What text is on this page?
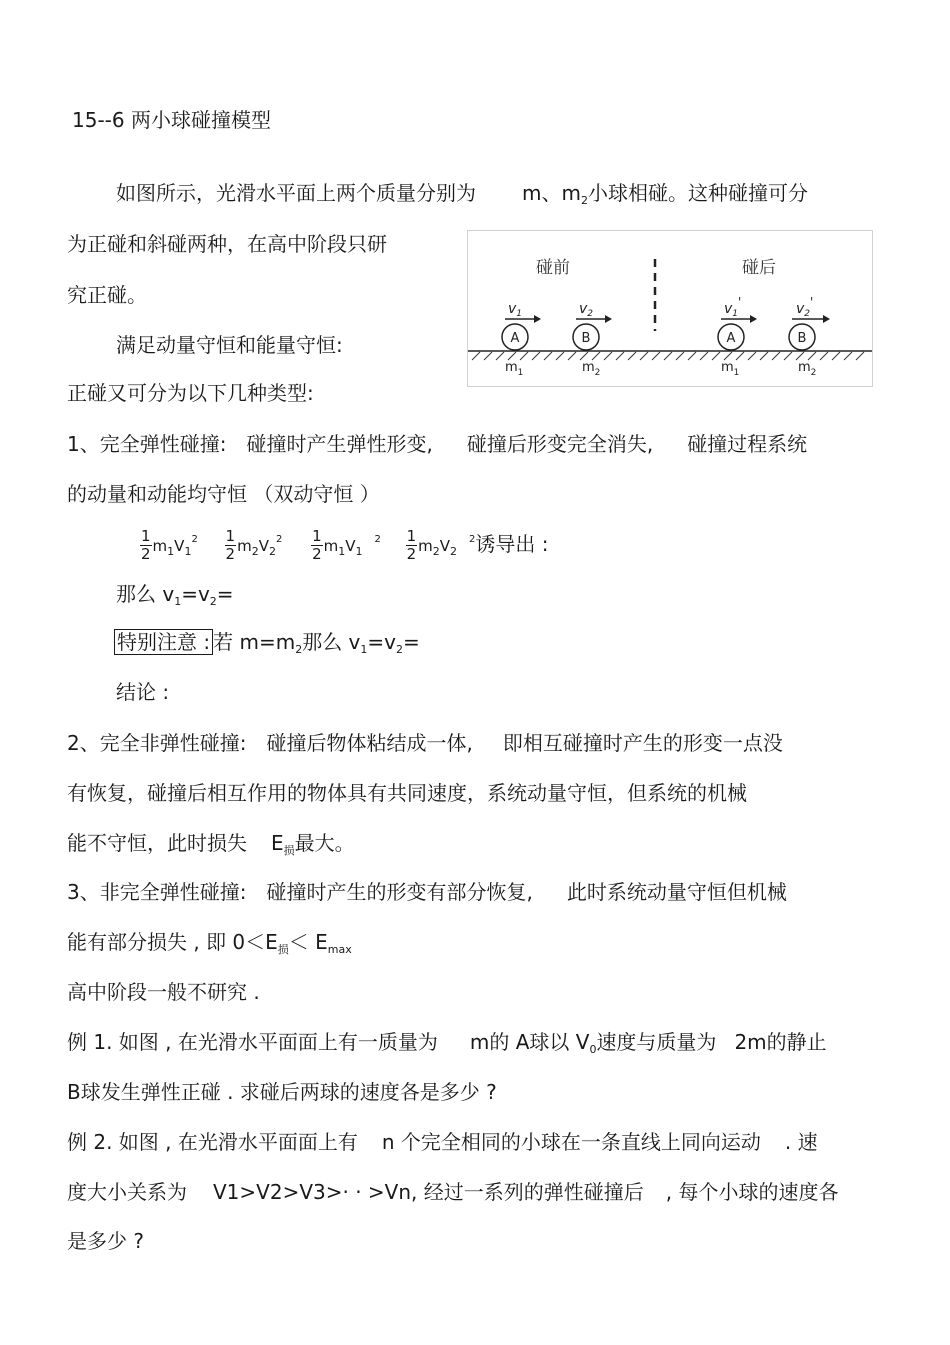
15--6 两小球碰撞模型
如图所示，光滑水平面上两个质量分别为 m、$m_2$小球相碰。这种碰撞可分
为正碰和斜碰两种，在高中阶段只研
究正碰。
满足动量守恒和能量守恒:
正碰又可分为以下几种类型:
碰前	碰后
A
$v_1$
$m_1$
B
$v_2$
$m_2$
A
$v_1'$
$m_1$
B
$v_2'$
$m_2$
1、完全弹性碰撞: 碰撞时产生弹性形变, 碰撞后形变完全消失, 碰撞过程系统
的动量和动能均守恒 （双动守恒 ）
$\frac{1}{2} m_1V_1^2 \frac{1}{2} m_2V_2^2 \frac{1}{2} m_1V_1^2 \frac{1}{2} m_2V_2^2$诱导出 :
那么 $v_1=v_2=$
特别注意 : 若 $m=m_2$那么 $v_1=v_2=$
结论 :
2、完全非弹性碰撞: 碰撞后物体粘结成一体, 即相互碰撞时产生的形变一点没
有恢复，碰撞后相互作用的物体具有共同速度，系统动量守恒，但系统的机械
能不守恒，此时损失 $E_损$最大。
3、非完全弹性碰撞: 碰撞时产生的形变有部分恢复, 此时系统动量守恒但机械
能有部分损失 , 即 $0<E_损< E_{max}$
高中阶段一般不研究 .
例 1. 如图 , 在光滑水平面面上有一质量为 m的 A球以 $V_0$速度与质量为 2m的静止
B球发生弹性正碰 . 求碰后两球的速度各是多少 ?
例 2. 如图 , 在光滑水平面面上有 n 个完全相同的小球在一条直线上同向运动 . 速
度大小关系为 V1>V2>V3>· · >Vn, 经过一系列的弹性碰撞后 , 每个小球的速度各
是多少 ?
